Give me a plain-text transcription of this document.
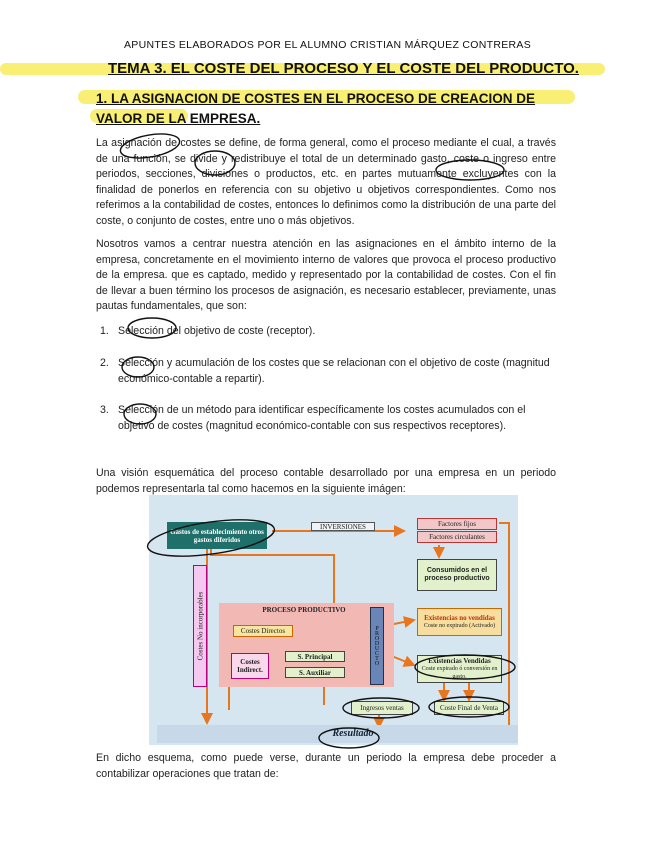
APUNTES ELABORADOS POR EL ALUMNO CRISTIAN MÁRQUEZ CONTRERAS
TEMA 3. EL COSTE DEL PROCESO Y EL COSTE DEL PRODUCTO.
1. LA ASIGNACION DE COSTES EN EL PROCESO DE CREACION DE VALOR DE LA EMPRESA.
La asignación de costes se define, de forma general, como el proceso mediante el cual, a través de una función, se divide y redistribuye el total de un determinado gasto, coste o ingreso entre periodos, secciones, divisiones o productos, etc. en partes mutuamente excluyentes con la finalidad de ponerlos en referencia con su objetivo u objetivos correspondientes. Como nos referimos a la contabilidad de costes, entonces lo definimos como la distribución de una parte del coste, o conjunto de costes, entre uno o más objetivos.
Nosotros vamos a centrar nuestra atención en las asignaciones en el ámbito interno de la empresa, concretamente en el movimiento interno de valores que provoca el proceso productivo de la empresa. que es captado, medido y representado por la contabilidad de costes. Con el fin de llevar a buen término los procesos de asignación, es necesario establecer, previamente, unas pautas fundamentales, que son:
1. Selección del objetivo de coste (receptor).
2. Selección y acumulación de los costes que se relacionan con el objetivo de coste (magnitud económico-contable a repartir).
3. Selección de un método para identificar específicamente los costes acumulados con el objetivo de costes (magnitud económico-contable con sus respectivos receptores).
Una visión esquemática del proceso contable desarrollado por una empresa en un periodo podemos representarla tal como hacemos en la siguiente imágen:
Gastos de establecimiento otros gastos diferidos
INVERSIONES	Factores fijos
Factores circulantes
Consumidos en el proceso productivo
Costes No incorporables	PROCESO PRODUCTIVO
Costes Directos
Costes Indirect.
S. Principal
S. Auxiliar
PRODUCTO
Existencias no vendidas
Coste no expirado (Activado)
Existencias Vendidas
Coste expirado ó conversión en gasto.
Ingresos ventas	Coste Final de Venta
Resultado
En dicho esquema, como puede verse, durante un periodo la empresa debe proceder a contabilizar operaciones que tratan de:
